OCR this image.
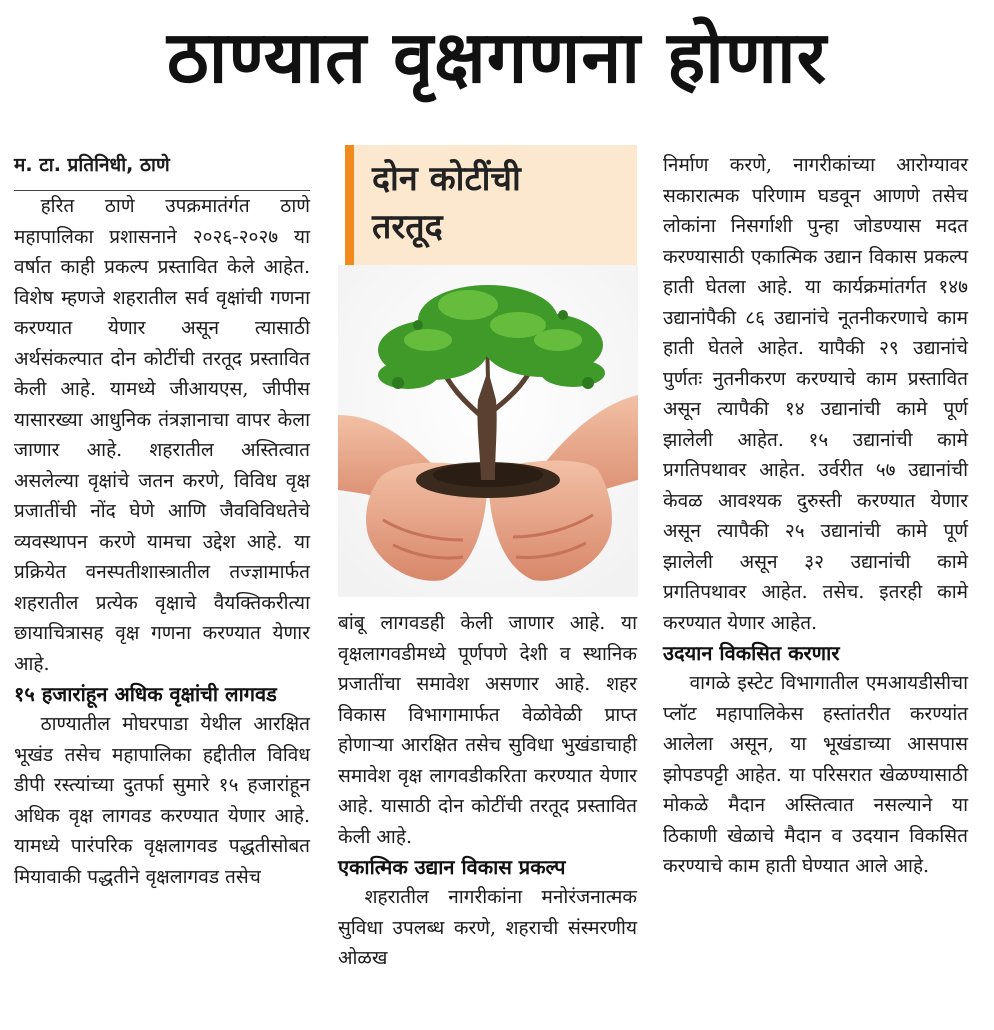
ठाण्यात वृक्षगणना होणार

म. टा. प्रतिनिधी, ठाणे

हरित ठाणे उपक्रमातंर्गत ठाणे महापालिका प्रशासनाने २०२६-२०२७ या वर्षात काही प्रकल्प प्रस्तावित केले आहेत. विशेष म्हणजे शहरातील सर्व वृक्षांची गणना करण्यात येणार असून त्यासाठी अर्थसंकल्पात दोन कोटींची तरतूद प्रस्तावित केली आहे. यामध्ये जीआयएस, जीपीस यासारख्या आधुनिक तंत्रज्ञानाचा वापर केला जाणार आहे. शहरातील अस्तित्वात असलेल्या वृक्षांचे जतन करणे, विविध वृक्ष प्रजातींची नोंद घेणे आणि जैवविविधतेचे व्यवस्थापन करणे यामचा उद्देश आहे. या प्रक्रियेत वनस्पतीशास्त्रातील तज्ज्ञामार्फत शहरातील प्रत्येक वृक्षाचे वैयक्तिकरीत्या छायाचित्रासह वृक्ष गणना करण्यात येणार आहे.

१५ हजारांहून अधिक वृक्षांची लागवड

ठाण्यातील मोघरपाडा येथील आरक्षित भूखंड तसेच महापालिका हद्दीतील विविध डीपी रस्त्यांच्या दुतर्फा सुमारे १५ हजारांहून अधिक वृक्ष लागवड करण्यात येणार आहे. यामध्ये पारंपरिक वृक्षलागवड पद्धतीसोबत मियावाकी पद्धतीने वृक्षलागवड तसेच

दोन कोटींची
तरतूद

बांबू लागवडही केली जाणार आहे. या वृक्षलागवडीमध्ये पूर्णपणे देशी व स्थानिक प्रजातींचा समावेश असणार आहे. शहर विकास विभागामार्फत वेळोवेळी प्राप्त होणाऱ्या आरक्षित तसेच सुविधा भुखंडाचाही समावेश वृक्ष लागवडीकरिता करण्यात येणार आहे. यासाठी दोन कोटींची तरतूद प्रस्तावित केली आहे.

एकात्मिक उद्यान विकास प्रकल्प

शहरातील नागरीकांना मनोरंजनात्मक सुविधा उपलब्ध करणे, शहराची संस्मरणीय ओळख

निर्माण करणे, नागरीकांच्या आरोग्यावर सकारात्मक परिणाम घडवून आणणे तसेच लोकांना निसर्गाशी पुन्हा जोडण्यास मदत करण्यासाठी एकात्मिक उद्यान विकास प्रकल्प हाती घेतला आहे. या कार्यक्रमांतर्गत १४७ उद्यानांपैकी ८६ उद्यानांचे नूतनीकरणाचे काम हाती घेतले आहेत. यापैकी २९ उद्यानांचे पुर्णतः नुतनीकरण करण्याचे काम प्रस्तावित असून त्यापैकी १४ उद्यानांची कामे पूर्ण झालेली आहेत. १५ उद्यानांची कामे प्रगतिपथावर आहेत. उर्वरीत ५७ उद्यानांची केवळ आवश्यक दुरुस्ती करण्यात येणार असून त्यापैकी २५ उद्यानांची कामे पूर्ण झालेली असून ३२ उद्यानांची कामे प्रगतिपथावर आहेत. तसेच. इतरही कामे करण्यात येणार आहेत.

उदयान विकसित करणार

वागळे इस्टेट विभागातील एमआयडीसीचा प्लॉट महापालिकेस हस्तांतरीत करण्यांत आलेला असून, या भूखंडाच्या आसपास झोपडपट्टी आहेत. या परिसरात खेळण्यासाठी मोकळे मैदान अस्तित्वात नसल्याने या ठिकाणी खेळाचे मैदान व उदयान विकसित करण्याचे काम हाती घेण्यात आले आहे.
